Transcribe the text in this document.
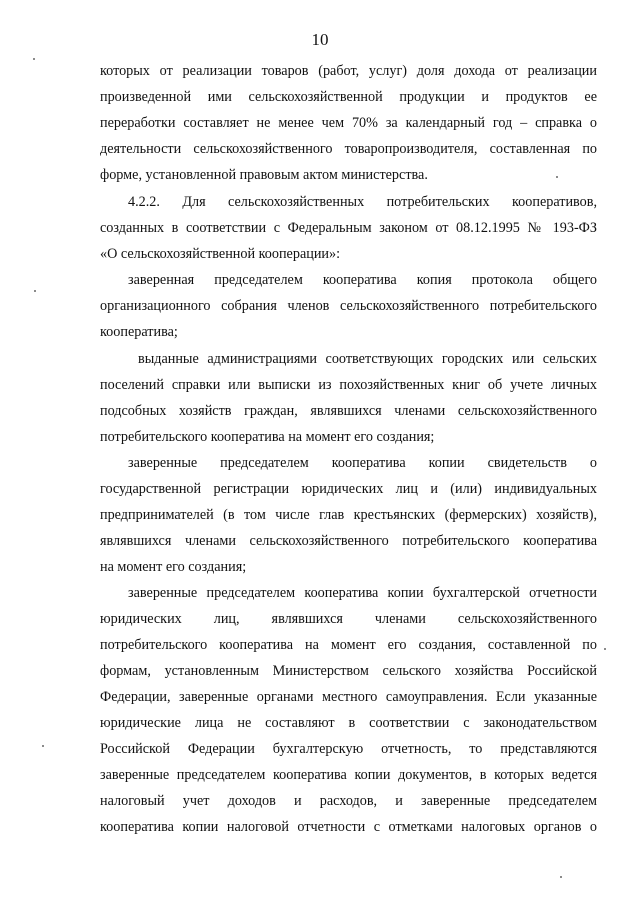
10
которых от реализации товаров (работ, услуг) доля дохода от реализации
произведенной ими сельскохозяйственной продукции и продуктов ее
переработки составляет не менее чем 70% за календарный год – справка о
деятельности сельскохозяйственного товаропроизводителя, составленная по
форме, установленной правовым актом министерства.
4.2.2. Для сельскохозяйственных потребительских кооперативов,
созданных в соответствии с Федеральным законом от 08.12.1995 № 193-ФЗ
«О сельскохозяйственной кооперации»:
заверенная председателем кооператива копия протокола общего
организационного собрания членов сельскохозяйственного потребительского
кооператива;
выданные администрациями соответствующих городских или сельских
поселений справки или выписки из похозяйственных книг об учете личных
подсобных хозяйств граждан, являвшихся членами сельскохозяйственного
потребительского кооператива на момент его создания;
заверенные председателем кооператива копии свидетельств о
государственной регистрации юридических лиц и (или) индивидуальных
предпринимателей (в том числе глав крестьянских (фермерских) хозяйств),
являвшихся членами сельскохозяйственного потребительского кооператива
на момент его создания;
заверенные председателем кооператива копии бухгалтерской отчетности
юридических лиц, являвшихся членами сельскохозяйственного
потребительского кооператива на момент его создания, составленной по
формам, установленным Министерством сельского хозяйства Российской
Федерации, заверенные органами местного самоуправления. Если указанные
юридические лица не составляют в соответствии с законодательством
Российской Федерации бухгалтерскую отчетность, то представляются
заверенные председателем кооператива копии документов, в которых ведется
налоговый учет доходов и расходов, и заверенные председателем
кооператива копии налоговой отчетности с отметками налоговых органов о
